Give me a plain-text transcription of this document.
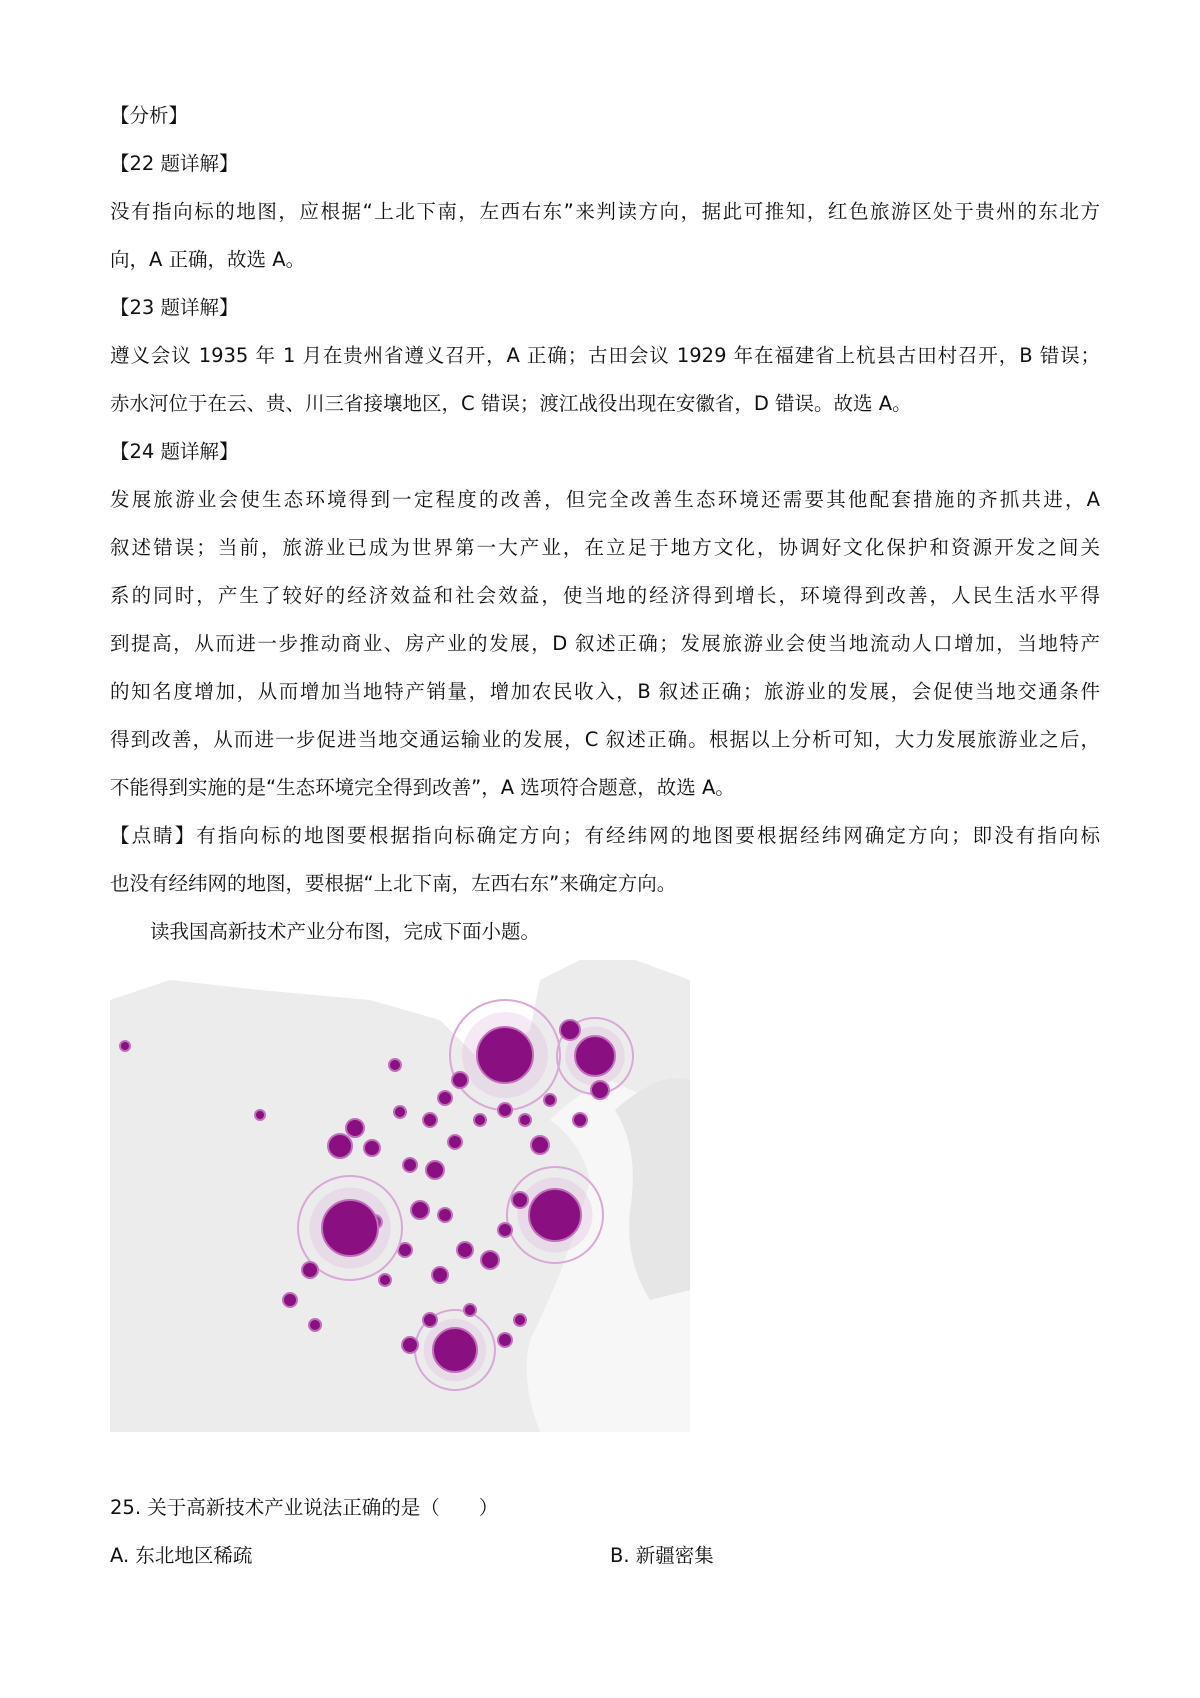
【分析】
【22 题详解】
没有指向标的地图，应根据“上北下南，左西右东”来判读方向，据此可推知，红色旅游区处于贵州的东北方
向，A 正确，故选 A。
【23 题详解】
遵义会议 1935 年 1 月在贵州省遵义召开，A 正确；古田会议 1929 年在福建省上杭县古田村召开，B 错误；
赤水河位于在云、贵、川三省接壤地区，C 错误；渡江战役出现在安徽省，D 错误。故选 A。
【24 题详解】
发展旅游业会使生态环境得到一定程度的改善，但完全改善生态环境还需要其他配套措施的齐抓共进，A
叙述错误；当前，旅游业已成为世界第一大产业，在立足于地方文化，协调好文化保护和资源开发之间关
系的同时，产生了较好的经济效益和社会效益，使当地的经济得到增长，环境得到改善，人民生活水平得
到提高，从而进一步推动商业、房产业的发展，D 叙述正确；发展旅游业会使当地流动人口增加，当地特产
的知名度增加，从而增加当地特产销量，增加农民收入，B 叙述正确；旅游业的发展，会促使当地交通条件
得到改善，从而进一步促进当地交通运输业的发展，C 叙述正确。根据以上分析可知，大力发展旅游业之后，
不能得到实施的是“生态环境完全得到改善”，A 选项符合题意，故选 A。
【点睛】有指向标的地图要根据指向标确定方向；有经纬网的地图要根据经纬网确定方向；即没有指向标
也没有经纬网的地图，要根据“上北下南，左西右东”来确定方向。
读我国高新技术产业分布图，完成下面小题。
25. 关于高新技术产业说法正确的是（　　）
A. 东北地区稀疏	B. 新疆密集
